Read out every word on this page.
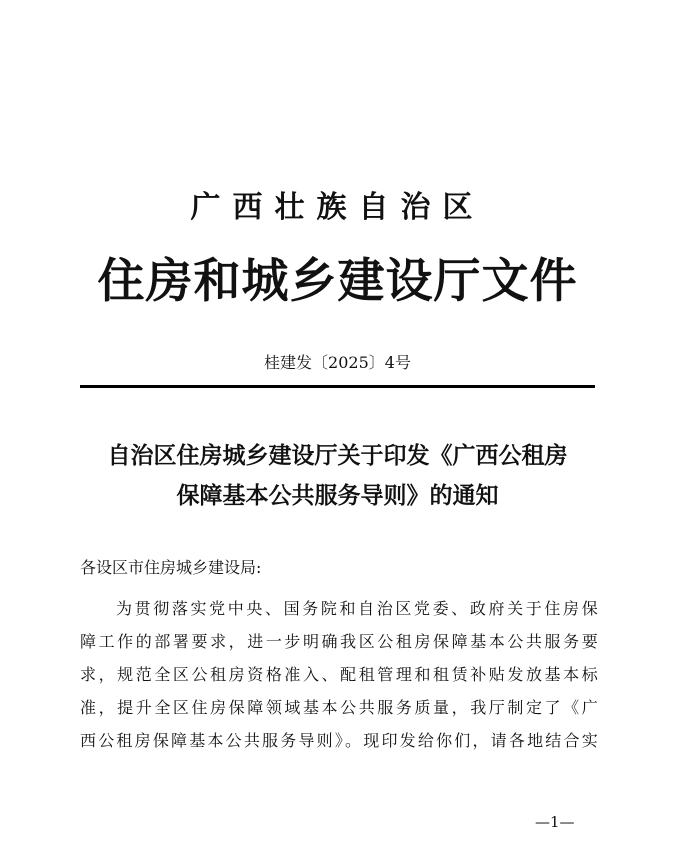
广西壮族自治区
住房和城乡建设厅文件
桂建发〔2025〕4号
自治区住房城乡建设厅关于印发《广西公租房
保障基本公共服务导则》的通知
各设区市住房城乡建设局:
为贯彻落实党中央、国务院和自治区党委、政府关于住房保
障工作的部署要求，进一步明确我区公租房保障基本公共服务要
求，规范全区公租房资格准入、配租管理和租赁补贴发放基本标
准，提升全区住房保障领域基本公共服务质量，我厅制定了《广
西公租房保障基本公共服务导则》。现印发给你们，请各地结合实
—1—
